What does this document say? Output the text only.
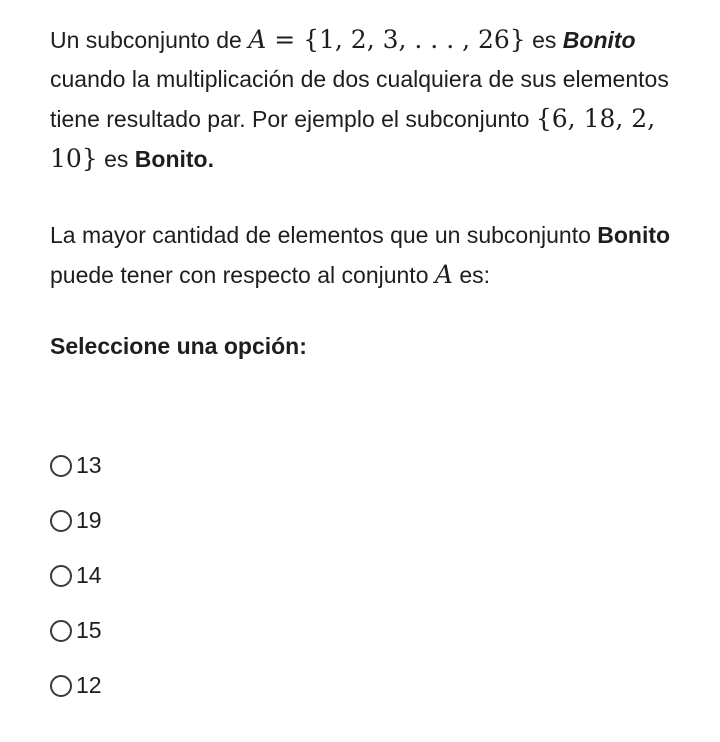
Un subconjunto de A = {1, 2, 3, . . . , 26} es Bonito cuando la multiplicación de dos cualquiera de sus elementos tiene resultado par. Por ejemplo el subconjunto {6, 18, 2, 10} es Bonito.

La mayor cantidad de elementos que un subconjunto Bonito puede tener con respecto al conjunto A es:

Seleccione una opción:

13
19
14
15
12
